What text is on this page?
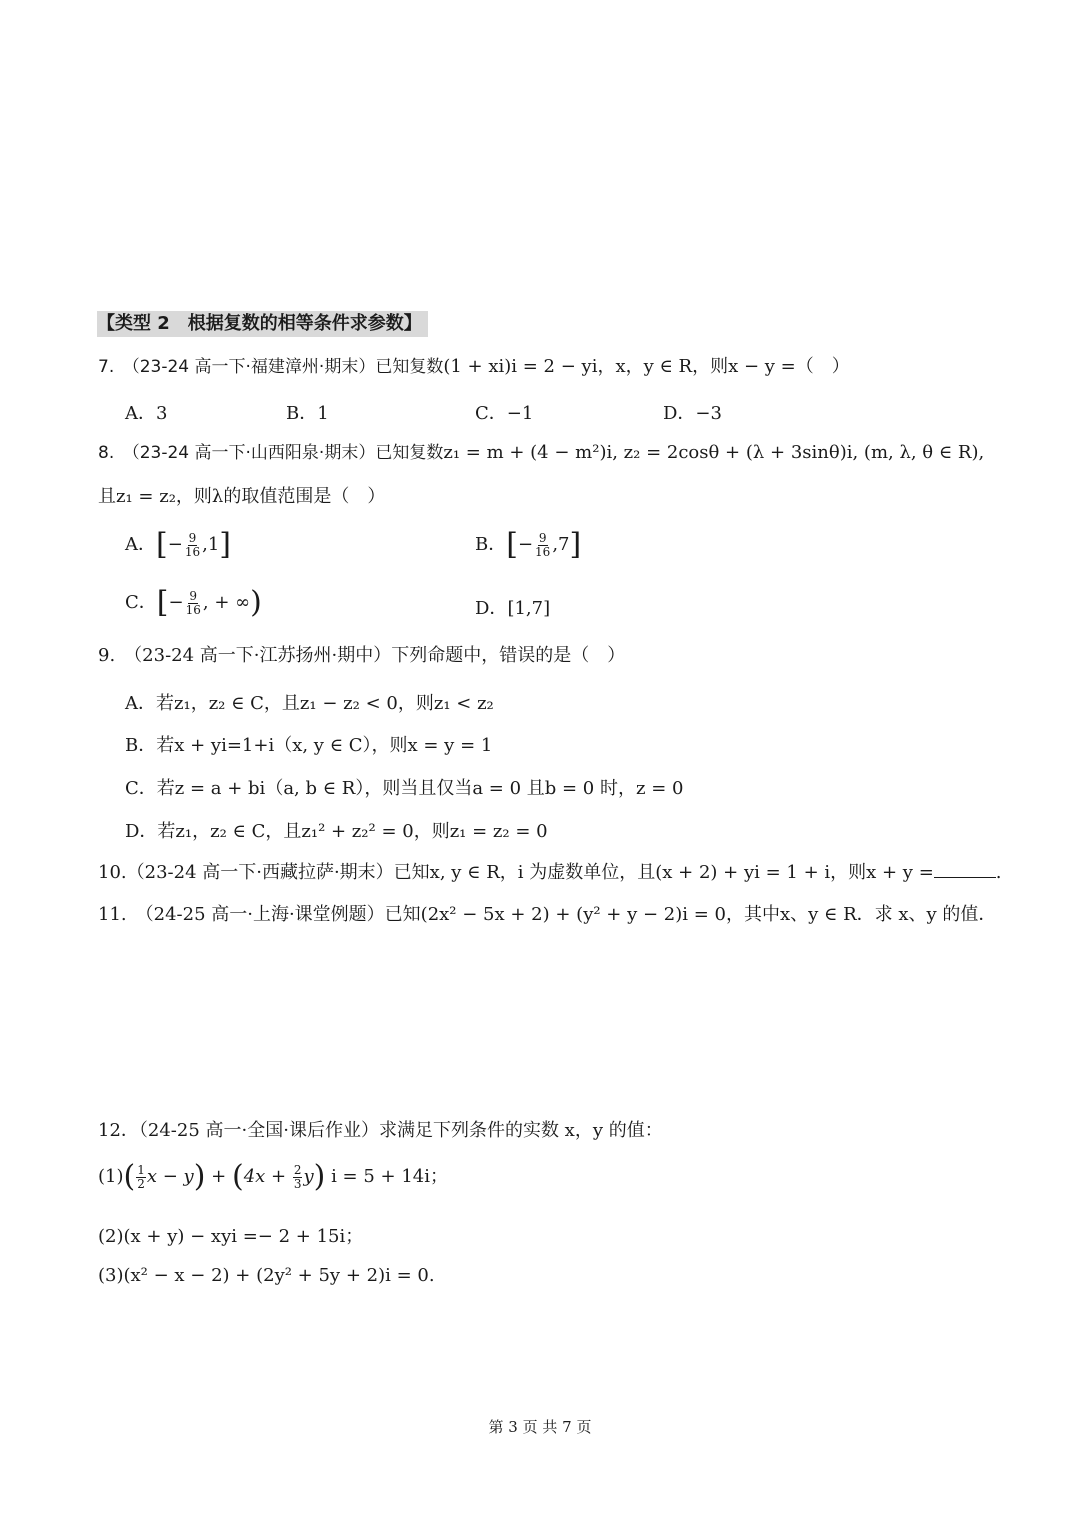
【类型 2　根据复数的相等条件求参数】
7.　（23-24 高一下·福建漳州·期末）已知复数(1 + xi)i = 2 − yi，x，y ∈ R，则x − y =（　）
A．3	B．1	C．−1	D．−3
8.　（23-24 高一下·山西阳泉·期末）已知复数z₁ = m + (4 − m²)i, z₂ = 2cosθ + (λ + 3sinθ)i, (m, λ, θ ∈ R),
且z₁ = z₂，则λ的取值范围是（　）
A．[− $\frac{9}{16} ,1$]	B．[− $\frac{9}{16} ,7$]
C．[− $\frac{9}{16}$ , + ∞)	D．[1,7]
9.　（23-24 高一下·江苏扬州·期中）下列命题中，错误的是（　）
A．若z₁，z₂ ∈ C，且z₁ − z₂ < 0，则z₁ < z₂
B．若x + yi=1+i（x, y ∈ C），则x = y = 1
C．若z = a + bi（a, b ∈ R），则当且仅当a = 0 且b = 0 时，z = 0
D．若z₁，z₂ ∈ C，且z₁² + z₂² = 0，则z₁ = z₂ = 0
10.（23-24 高一下·西藏拉萨·期末）已知x, y ∈ R，i 为虚数单位，且(x + 2) + yi = 1 + i，则x + y =	.
11.　（24-25 高一·上海·课堂例题）已知(2x² − 5x + 2) + (y² + y − 2)i = 0，其中x、y ∈ R．求 x、y 的值．
12．（24-25 高一·全国·课后作业）求满足下列条件的实数 x，y 的值：
$(1)( \frac{1}{2}$ $x - y) + (4x + \frac{2}{3} y)$ i = 5 + 14i；
(2)(x + y) − xyi =− 2 + 15i；
(3)(x² − x − 2) + (2y² + 5y + 2)i = 0.
第 3 页 共 7 页
